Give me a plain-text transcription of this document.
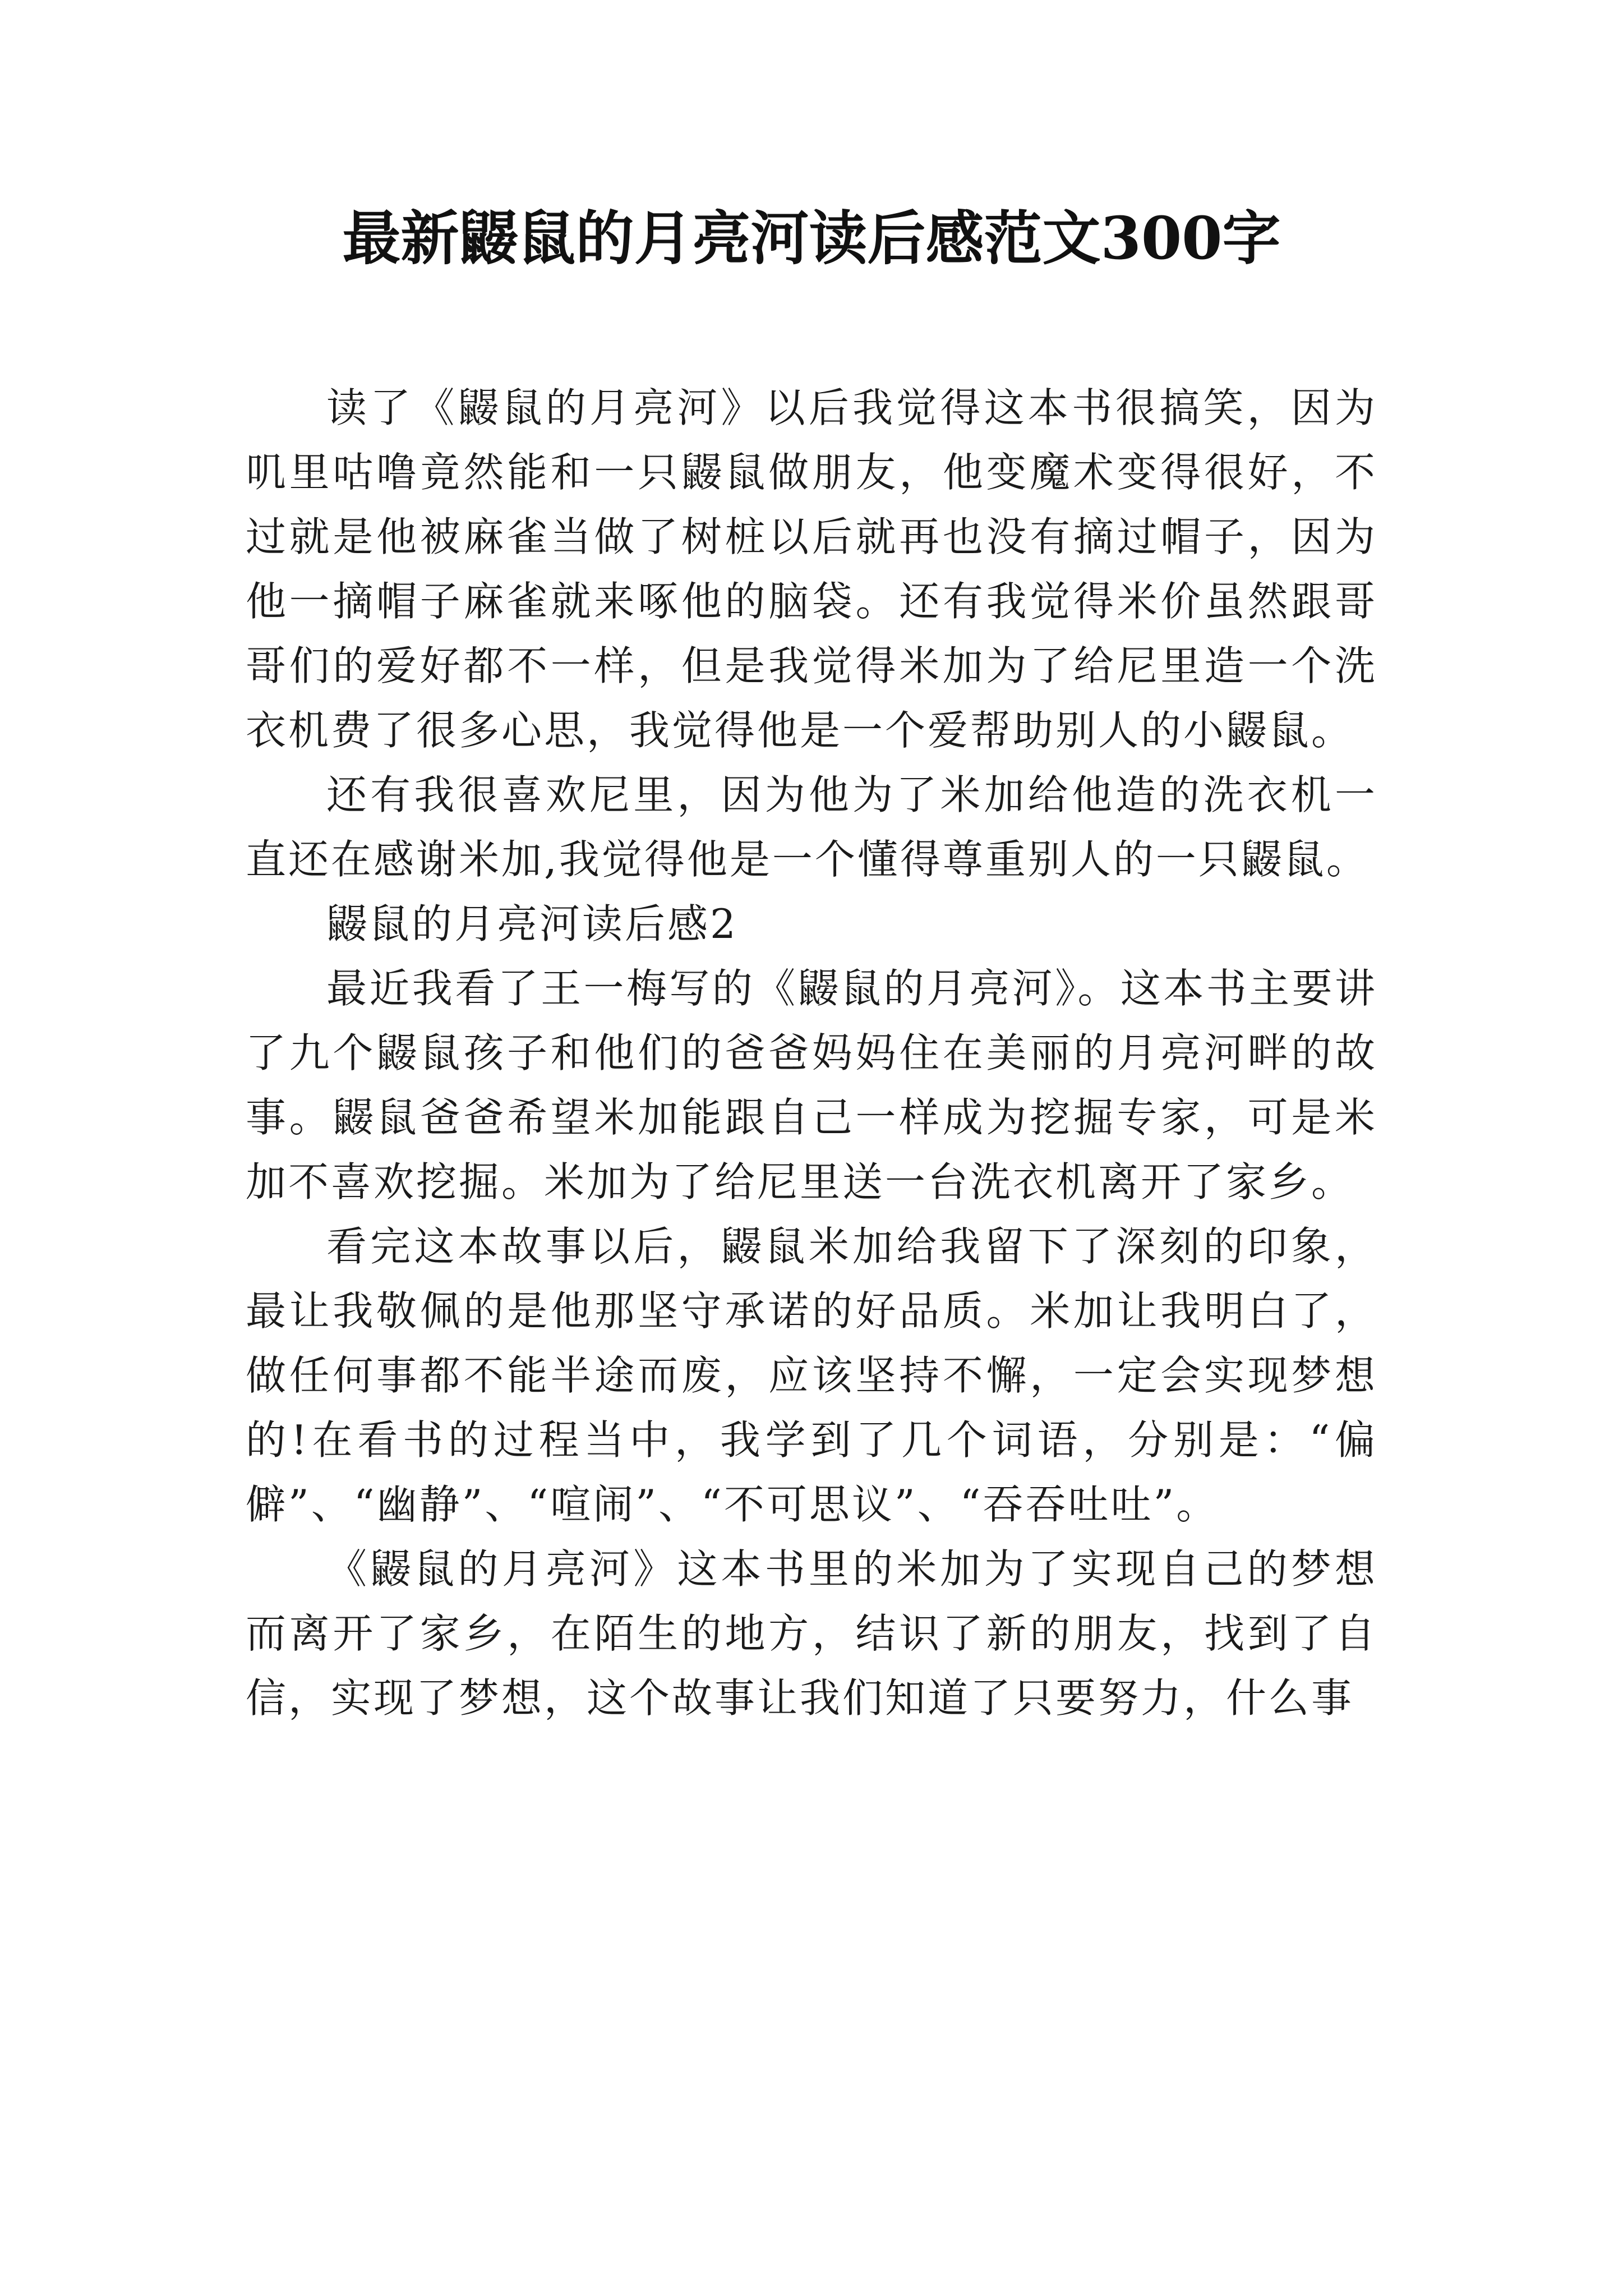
最新鼹鼠的月亮河读后感范文300字

读了《鼹鼠的月亮河》以后我觉得这本书很搞笑，因为叽里咕噜竟然能和一只鼹鼠做朋友，他变魔术变得很好，不过就是他被麻雀当做了树桩以后就再也没有摘过帽子，因为他一摘帽子麻雀就来啄他的脑袋。还有我觉得米价虽然跟哥哥们的爱好都不一样，但是我觉得米加为了给尼里造一个洗衣机费了很多心思，我觉得他是一个爱帮助别人的小鼹鼠。

还有我很喜欢尼里，因为他为了米加给他造的洗衣机一直还在感谢米加,我觉得他是一个懂得尊重别人的一只鼹鼠。

鼹鼠的月亮河读后感2

最近我看了王一梅写的《鼹鼠的月亮河》。这本书主要讲了九个鼹鼠孩子和他们的爸爸妈妈住在美丽的月亮河畔的故事。鼹鼠爸爸希望米加能跟自己一样成为挖掘专家，可是米加不喜欢挖掘。米加为了给尼里送一台洗衣机离开了家乡。

看完这本故事以后，鼹鼠米加给我留下了深刻的印象，最让我敬佩的是他那坚守承诺的好品质。米加让我明白了，做任何事都不能半途而废，应该坚持不懈，一定会实现梦想的!在看书的过程当中，我学到了几个词语，分别是：“偏僻”、“幽静”、“喧闹”、“不可思议”、“吞吞吐吐”。

《鼹鼠的月亮河》这本书里的米加为了实现自己的梦想而离开了家乡，在陌生的地方，结识了新的朋友，找到了自信，实现了梦想，这个故事让我们知道了只要努力，什么事
